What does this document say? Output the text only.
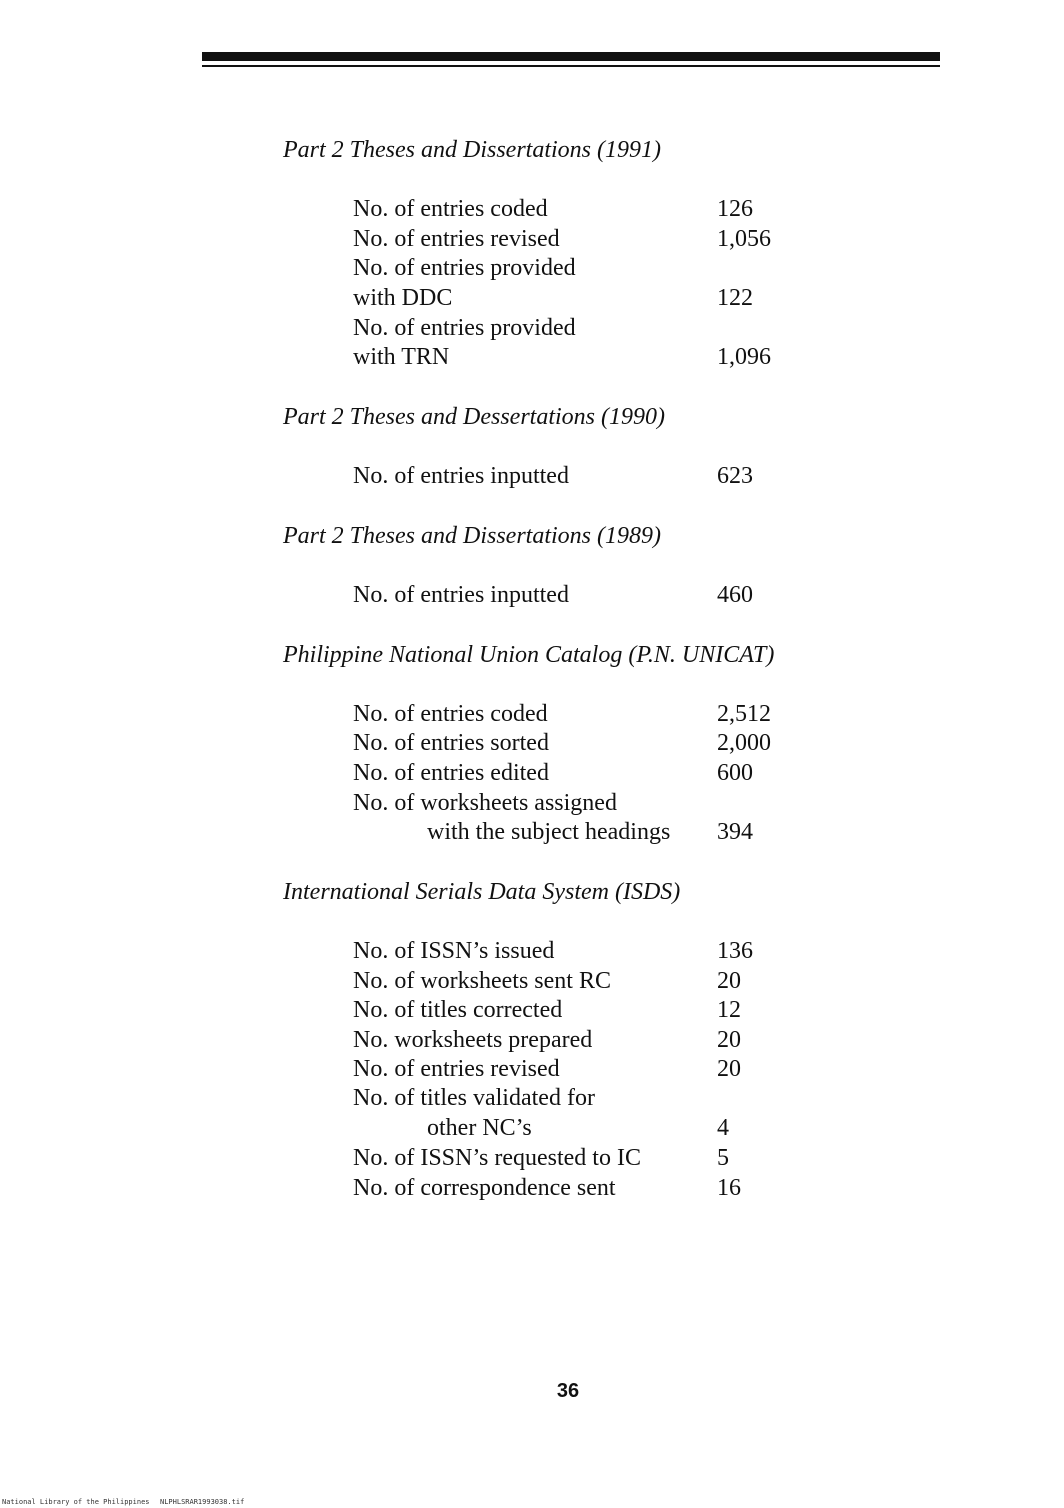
Part 2 Theses and Dissertations (1991)
No. of entries coded	126
No. of entries revised	1,056
No. of entries provided
with DDC	122
No. of entries provided
with TRN	1,096
Part 2 Theses and Dessertations (1990)
No. of entries inputted	623
Part 2 Theses and Dissertations (1989)
No. of entries inputted	460
Philippine National Union Catalog (P.N. UNICAT)
No. of entries coded	2,512
No. of entries sorted	2,000
No. of entries edited	600
No. of worksheets assigned
with the subject headings 394
International Serials Data System (ISDS)
No. of ISSN’s issued	136
No. of worksheets sent RC	20
No. of titles corrected	12
No. worksheets prepared	20
No. of entries revised	20
No. of titles validated for
other NC’s	4
No. of ISSN’s requested to IC	5
No. of correspondence sent	16
36
National Library of the Philippines NLPHLSRAR1993038.tif
